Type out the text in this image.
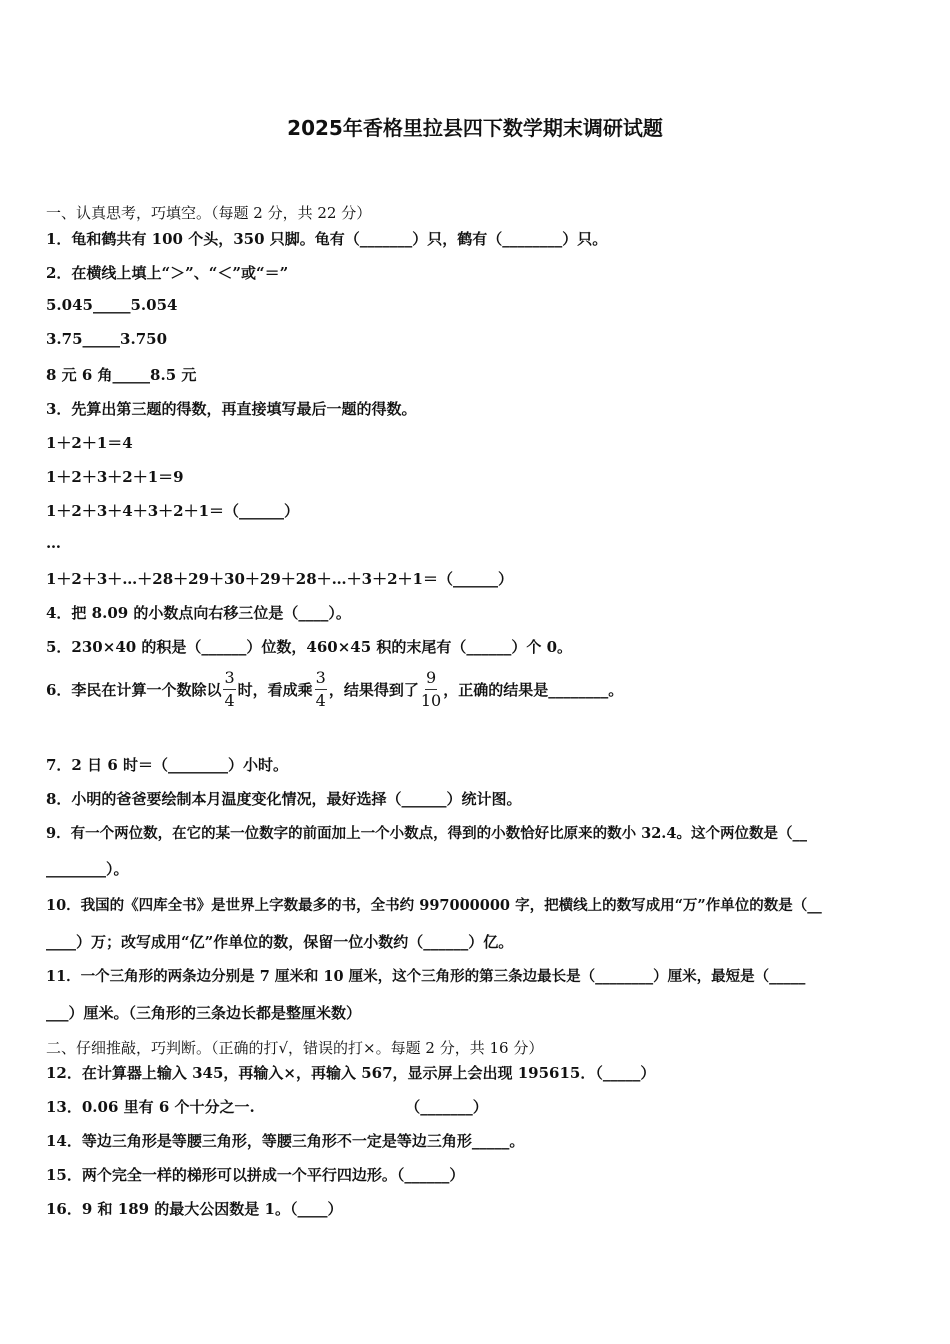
2025年香格里拉县四下数学期末调研试题
一、认真思考，巧填空。（每题 2 分，共 22 分）
1．龟和鹤共有 100 个头，350 只脚。龟有（_______）只，鹤有（________）只。
2．在横线上填上“＞”、“＜”或“＝”
5.045_____5.054
3.75_____3.750
8 元 6 角_____8.5 元
3．先算出第三题的得数，再直接填写最后一题的得数。
1＋2＋1＝4
1＋2＋3＋2＋1＝9
1＋2＋3＋4＋3＋2＋1＝（______）
…
1＋2＋3＋…＋28＋29＋30＋29＋28＋…＋3＋2＋1＝（______）
4．把 8.09 的小数点向右移三位是（____）。
5．230×40 的积是（______）位数，460×45 积的末尾有（______）个 0。
6．李民在计算一个数除以 $\frac{3}{4}$ 时，看成乘 $\frac{3}{4}$ ，结果得到了 $\frac{9}{10}$ ，正确的结果是________。
7．2 日 6 时＝（________）小时。
8．小明的爸爸要绘制本月温度变化情况，最好选择（______）统计图。
9．有一个两位数，在它的某一位数字的前面加上一个小数点，得到的小数恰好比原来的数小 32.4。这个两位数是（__
________）。
10．我国的《四库全书》是世界上字数最多的书，全书约 997000000 字，把横线上的数写成用“万”作单位的数是（__
____）万；改写成用“亿”作单位的数，保留一位小数约（______）亿。
11．一个三角形的两条边分别是 7 厘米和 10 厘米，这个三角形的第三条边最长是（________）厘米，最短是（_____
___）厘米。（三角形的三条边长都是整厘米数）
二、仔细推敲，巧判断。（正确的打√，错误的打×。每题 2 分，共 16 分）
12．在计算器上输入 345，再输入×，再输入 567，显示屏上会出现 195615．（_____）
13．0.06 里有 6 个十分之一.	（_______）
14．等边三角形是等腰三角形，等腰三角形不一定是等边三角形_____。
15．两个完全一样的梯形可以拼成一个平行四边形。（______）
16．9 和 189 的最大公因数是 1。（____）
